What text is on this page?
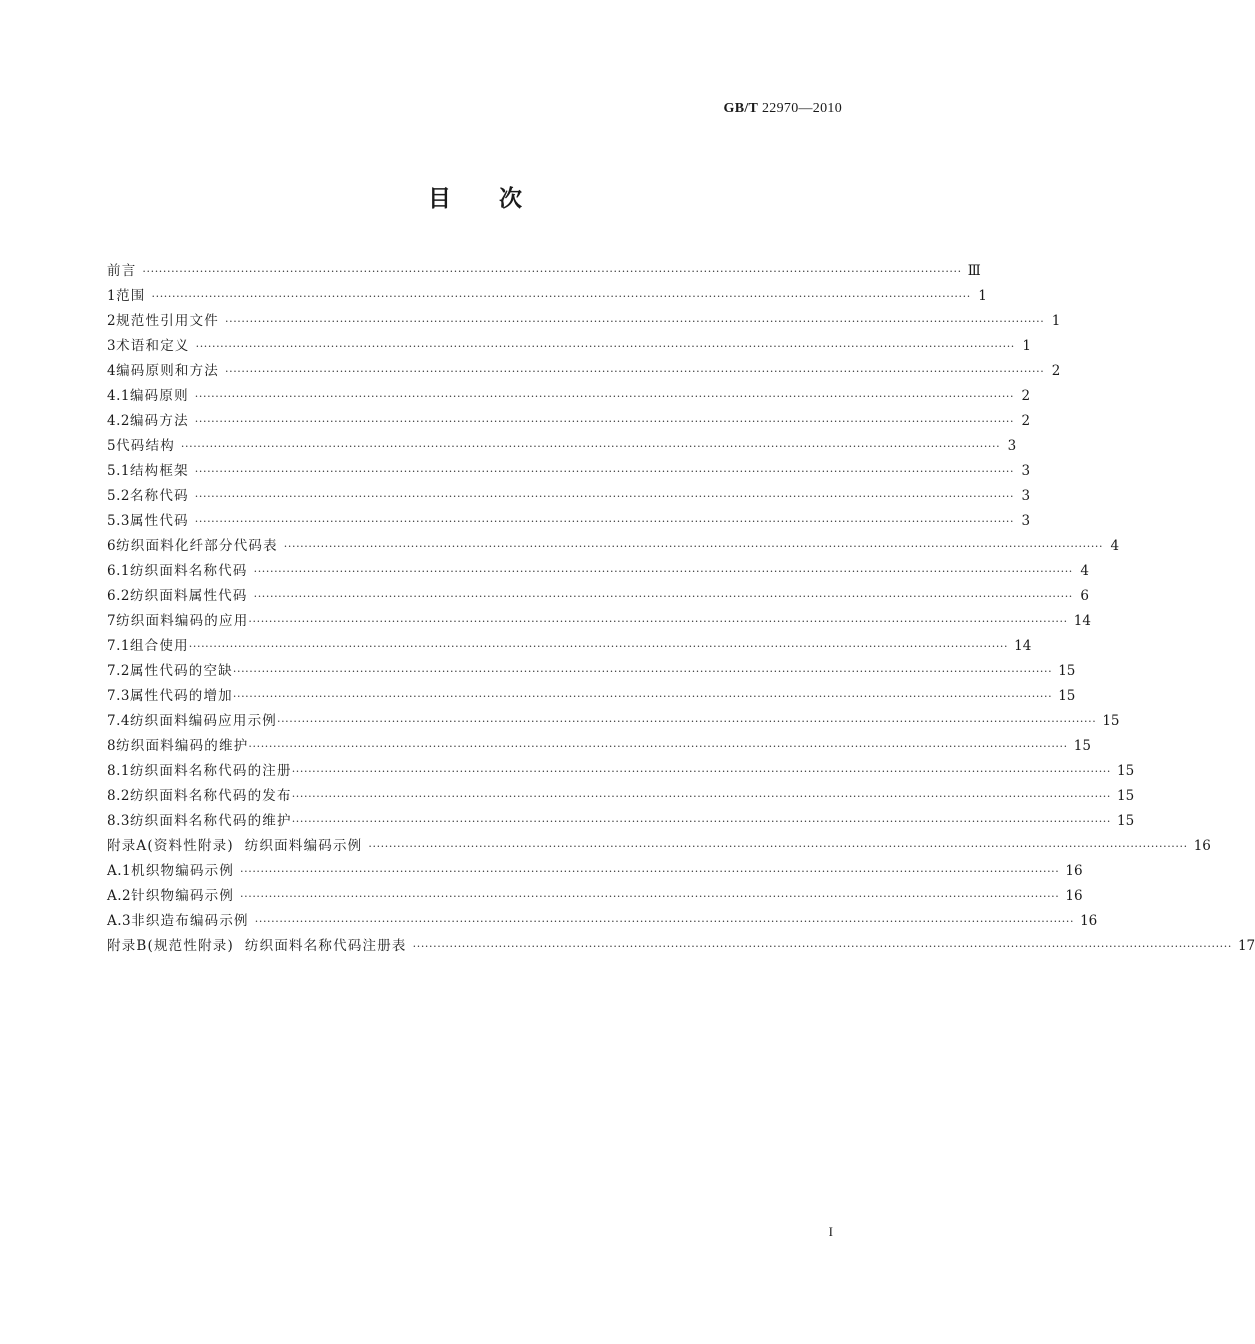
GB/T 22970—2010
目次
前言 ········································································································································································································ Ⅲ
1 范围 ········································································································································································································ 1
2 规范性引用文件 ········································································································································································································ 1
3 术语和定义 ········································································································································································································ 1
4 编码原则和方法 ········································································································································································································ 2
4.1 编码原则 ········································································································································································································ 2
4.2 编码方法 ········································································································································································································ 2
5 代码结构 ········································································································································································································ 3
5.1 结构框架 ········································································································································································································ 3
5.2 名称代码 ········································································································································································································ 3
5.3 属性代码 ········································································································································································································ 3
6 纺织面料化纤部分代码表 ········································································································································································································ 4
6.1 纺织面料名称代码 ········································································································································································································ 4
6.2 纺织面料属性代码 ········································································································································································································ 6
7 纺织面料编码的应用 ········································································································································································································ 14
7.1 组合使用 ········································································································································································································ 14
7.2 属性代码的空缺 ········································································································································································································ 15
7.3 属性代码的增加 ········································································································································································································ 15
7.4 纺织面料编码应用示例 ········································································································································································································ 15
8 纺织面料编码的维护 ········································································································································································································ 15
8.1 纺织面料名称代码的注册 ········································································································································································································ 15
8.2 纺织面料名称代码的发布 ········································································································································································································ 15
8.3 纺织面料名称代码的维护 ········································································································································································································ 15
附录A(资料性附录)  纺织面料编码示例 ········································································································································································································ 16
A.1 机织物编码示例 ········································································································································································································ 16
A.2 针织物编码示例 ········································································································································································································ 16
A.3 非织造布编码示例 ········································································································································································································ 16
附录B(规范性附录)  纺织面料名称代码注册表 ········································································································································································································ 17
I
